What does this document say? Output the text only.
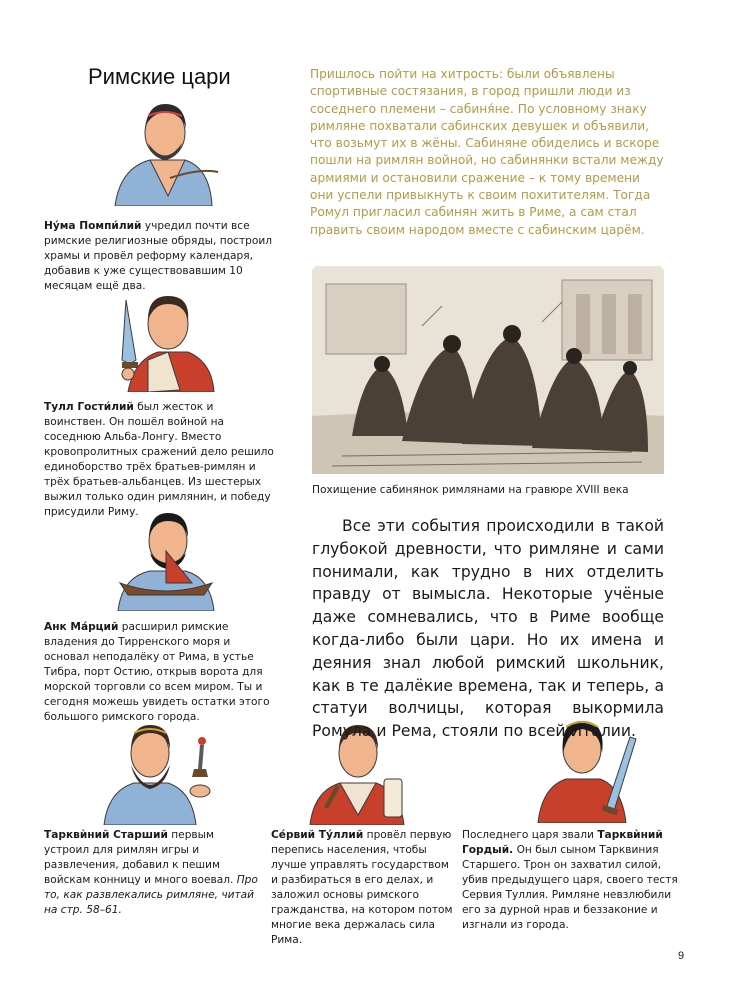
Римские цари	Пришлось пойти на хитрость: были объявлены спортивные состязания, в город пришли люди из соседнего племени – сабиня́не. По условному знаку римляне похватали сабинских девушек и объявили, что возьмут их в жёны. Сабиняне обиделись и вскоре пошли на римлян войной, но сабинянки встали между армиями и остановили сражение – к тому времени они успели привыкнуть к своим похитителям. Тогда Ромул пригласил сабинян жить в Риме, а сам стал править своим народом вместе с сабинским царём.
Ну́ма Помпи́лий учредил почти все римские религиозные обряды, построил храмы и провёл реформу календаря, добавив к уже существовавшим 10 месяцам ещё два.
Тулл Гости́лий был жесток и воинствен. Он пошёл войной на соседнюю Альба-Лонгу. Вместо кровопролитных сражений дело решило единоборство трёх братьев-римлян и трёх братьев-альбанцев. Из шестерых выжил только один римлянин, и победу присудили Риму.
Анк Ма́рций расширил римские владения до Тирренского моря и основал неподалёку от Рима, в устье Тибра, порт Остию, открыв ворота для морской торговли со всем миром. Ты и сегодня можешь увидеть остатки этого большого римского города.
Тарквѝний Старший первым устроил для римлян игры и развлечения, добавил к пешим войскам конницу и много воевал. Про то, как развлекались римляне, читай на стр. 58–61.
Се́рвий Ту́ллий провёл первую перепись населения, чтобы лучше управлять государством и разбираться в его делах, и заложил основы римского гражданства, на котором потом многие века держалась сила Рима.
Последнего царя звали Тарквѝний Гордый. Он был сыном Тарквиния Старшего. Трон он захватил силой, убив предыдущего царя, своего тестя Сервия Туллия. Римляне невзлюбили его за дурной нрав и беззаконие и изгнали из города.
Похищение сабинянок римлянами на гравюре XVIII века
Все эти события происходили в такой глубокой древности, что римляне и сами понимали, как трудно в них отделить правду от вымысла. Некоторые учёные даже сомневались, что в Риме вообще когда-либо были цари. Но их имена и деяния знал любой римский школьник, как в те далёкие времена, так и теперь, а статуи волчицы, которая выкормила Ромула и Рема, стояли по всей Италии.
9
